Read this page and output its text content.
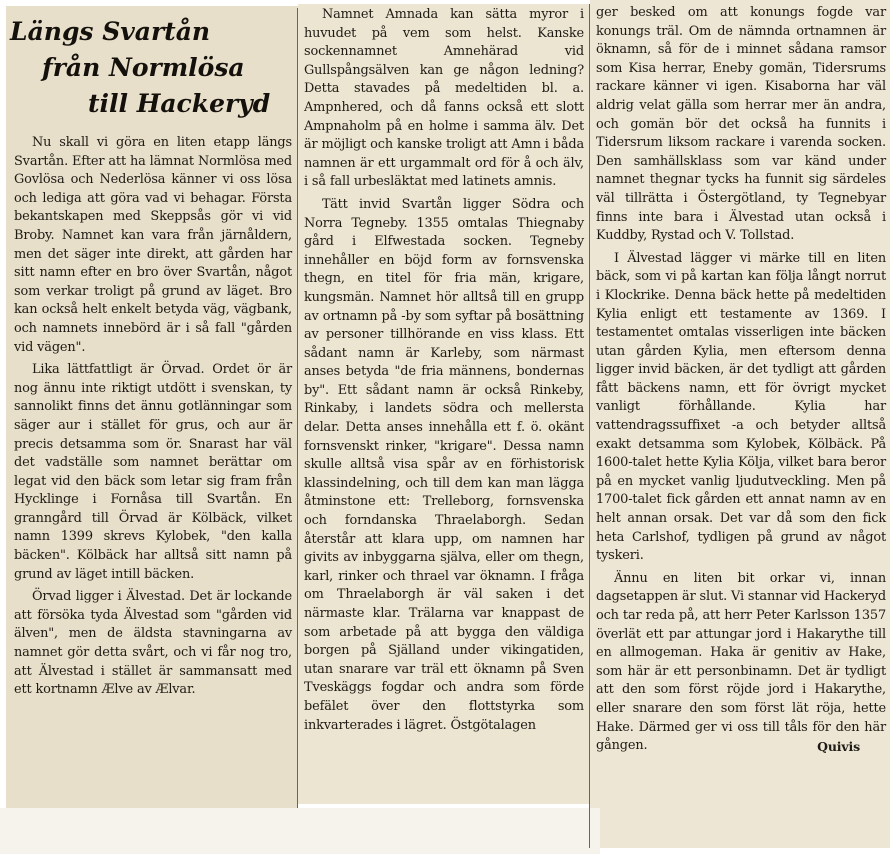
Längs Svartån
från Normlösa
till Hackeryd

Nu skall vi göra en liten etapp längs Svartån. Efter att ha lämnat Normlösa med Govlösa och Nederlösa känner vi oss lösa och lediga att göra vad vi behagar. Första bekantskapen med Skeppsås gör vi vid Broby. Namnet kan vara från järnåldern, men det säger inte direkt, att gården har sitt namn efter en bro över Svartån, något som verkar troligt på grund av läget. Bro kan också helt enkelt betyda väg, vägbank, och namnets innebörd är i så fall "gården vid vägen".

Lika lättfattligt är Örvad. Ordet ör är nog ännu inte riktigt utdött i svenskan, ty sannolikt finns det ännu gotlänningar som säger aur i stället för grus, och aur är precis detsamma som ör. Snarast har väl det vadställe som namnet berättar om legat vid den bäck som letar sig fram från Hycklinge i Fornåsa till Svartån. En granngård till Örvad är Kölbäck, vilket namn 1399 skrevs Kylobek, "den kalla bäcken". Kölbäck har alltså sitt namn på grund av läget intill bäcken.

Örvad ligger i Älvestad. Det är lockande att försöka tyda Älvestad som "gården vid älven", men de äldsta stavningarna av namnet gör detta svårt, och vi får nog tro, att Älvestad i stället är sammansatt med ett kortnamn Ælve av Ælvar.

Namnet Amnada kan sätta myror i huvudet på vem som helst. Kanske sockennamnet Amnehärad vid Gullspångsälven kan ge någon ledning? Detta stavades på medeltiden bl. a. Ampnhered, och då fanns också ett slott Ampnaholm på en holme i samma älv. Det är möjligt och kanske troligt att Amn i båda namnen är ett urgammalt ord för å och älv, i så fall urbesläktat med latinets amnis.

Tätt invid Svartån ligger Södra och Norra Tegneby. 1355 omtalas Thiegnaby gård i Elfwestada socken. Tegneby innehåller en böjd form av fornsvenska thegn, en titel för fria män, krigare, kungsmän. Namnet hör alltså till en grupp av ortnamn på -by som syftar på bosättning av personer tillhörande en viss klass. Ett sådant namn är Karleby, som närmast anses betyda "de fria männens, bondernas by". Ett sådant namn är också Rinkeby, Rinkaby, i landets södra och mellersta delar. Detta anses innehålla ett f. ö. okänt fornsvenskt rinker, "krigare". Dessa namn skulle alltså visa spår av en förhistorisk klassindelning, och till dem kan man lägga åtminstone ett: Trelleborg, fornsvenska och forndanska Thraelaborgh. Sedan återstår att klara upp, om namnen har givits av inbyggarna själva, eller om thegn, karl, rinker och thrael var öknamn. I fråga om Thraelaborgh är väl saken i det närmaste klar. Trälarna var knappast de som arbetade på att bygga den väldiga borgen på Själland under vikingatiden, utan snarare var träl ett öknamn på Sven Tveskäggs fogdar och andra som förde befälet över den flottstyrka som inkvarterades i lägret. Östgötalagen

ger besked om att konungs fogde var konungs träl. Om de nämnda ortnamnen är öknamn, så för de i minnet sådana ramsor som Kisa herrar, Eneby gomän, Tidersrums rackare känner vi igen. Kisaborna har väl aldrig velat gälla som herrar mer än andra, och gomän bör det också ha funnits i Tidersrum liksom rackare i varenda socken. Den samhällsklass som var känd under namnet thegnar tycks ha funnit sig särdeles väl tillrätta i Östergötland, ty Tegnebyar finns inte bara i Älvestad utan också i Kuddby, Rystad och V. Tollstad.

I Älvestad lägger vi märke till en liten bäck, som vi på kartan kan följa långt norrut i Klockrike. Denna bäck hette på medeltiden Kylia enligt ett testamente av 1369. I testamentet omtalas visserligen inte bäcken utan gården Kylia, men eftersom denna ligger invid bäcken, är det tydligt att gården fått bäckens namn, ett för övrigt mycket vanligt förhållande. Kylia har vattendragssuffixet -a och betyder alltså exakt detsamma som Kylobek, Kölbäck. På 1600-talet hette Kylia Kölja, vilket bara beror på en mycket vanlig ljudutveckling. Men på 1700-talet fick gården ett annat namn av en helt annan orsak. Det var då som den fick heta Carlshof, tydligen på grund av något tyskeri.

Ännu en liten bit orkar vi, innan dagsetappen är slut. Vi stannar vid Hackeryd och tar reda på, att herr Peter Karlsson 1357 överlät ett par attungar jord i Hakarythe till en allmogeman. Haka är genitiv av Hake, som här är ett personbinamn. Det är tydligt att den som först röjde jord i Hakarythe, eller snarare den som först lät röja, hette Hake. Därmed ger vi oss till tåls för den här gången.	Quivis
